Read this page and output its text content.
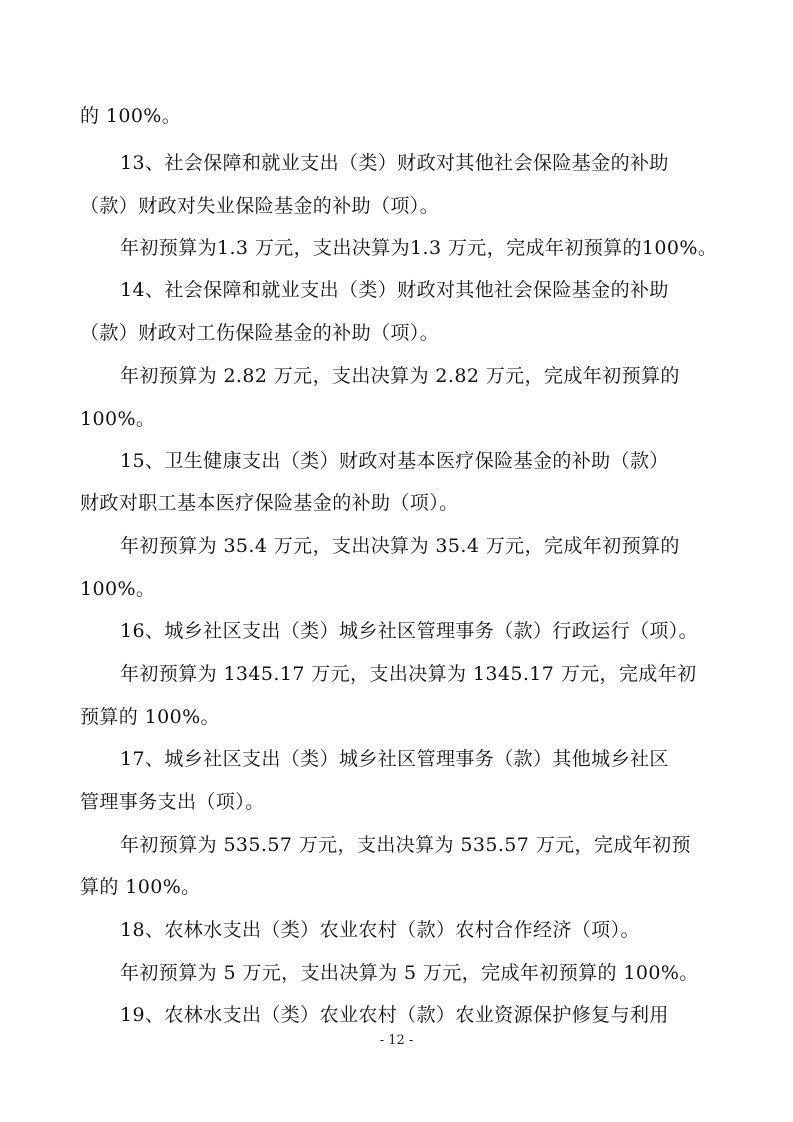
的 100%。
13、社会保障和就业支出（类）财政对其他社会保险基金的补助
（款）财政对失业保险基金的补助（项）。
年初预算为1.3 万元，支出决算为1.3 万元，完成年初预算的100%。
14、社会保障和就业支出（类）财政对其他社会保险基金的补助
（款）财政对工伤保险基金的补助（项）。
年初预算为 2.82 万元，支出决算为 2.82 万元，完成年初预算的
100%。
15、卫生健康支出（类）财政对基本医疗保险基金的补助（款）
财政对职工基本医疗保险基金的补助（项）。
年初预算为 35.4 万元，支出决算为 35.4 万元，完成年初预算的
100%。
16、城乡社区支出（类）城乡社区管理事务（款）行政运行（项）。
年初预算为 1345.17 万元，支出决算为 1345.17 万元，完成年初
预算的 100%。
17、城乡社区支出（类）城乡社区管理事务（款）其他城乡社区
管理事务支出（项）。
年初预算为 535.57 万元，支出决算为 535.57 万元，完成年初预
算的 100%。
18、农林水支出（类）农业农村（款）农村合作经济（项）。
年初预算为 5 万元，支出决算为 5 万元，完成年初预算的 100%。
19、农林水支出（类）农业农村（款）农业资源保护修复与利用
- 12 -
